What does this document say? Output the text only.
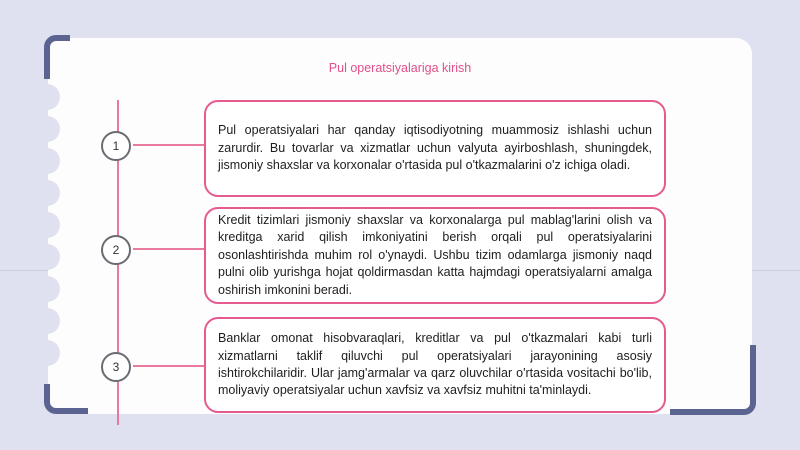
Pul operatsiyalariga kirish
1

Pul operatsiyalari har qanday iqtisodiyotning muammosiz ishlashi uchun zarurdir. Bu tovarlar va xizmatlar uchun valyuta ayirboshlash, shuningdek, jismoniy shaxslar va korxonalar o'rtasida pul o'tkazmalarini o'z ichiga oladi.

2

Kredit tizimlari jismoniy shaxslar va korxonalarga pul mablag'larini olish va kreditga xarid qilish imkoniyatini berish orqali pul operatsiyalarini osonlashtirishda muhim rol o'ynaydi. Ushbu tizim odamlarga jismoniy naqd pulni olib yurishga hojat qoldirmasdan katta hajmdagi operatsiyalarni amalga oshirish imkonini beradi.

3

Banklar omonat hisobvaraqlari, kreditlar va pul o'tkazmalari kabi turli xizmatlarni taklif qiluvchi pul operatsiyalari jarayonining asosiy ishtirokchilaridir. Ular jamg'armalar va qarz oluvchilar o'rtasida vositachi bo'lib, moliyaviy operatsiyalar uchun xavfsiz va xavfsiz muhitni ta'minlaydi.
